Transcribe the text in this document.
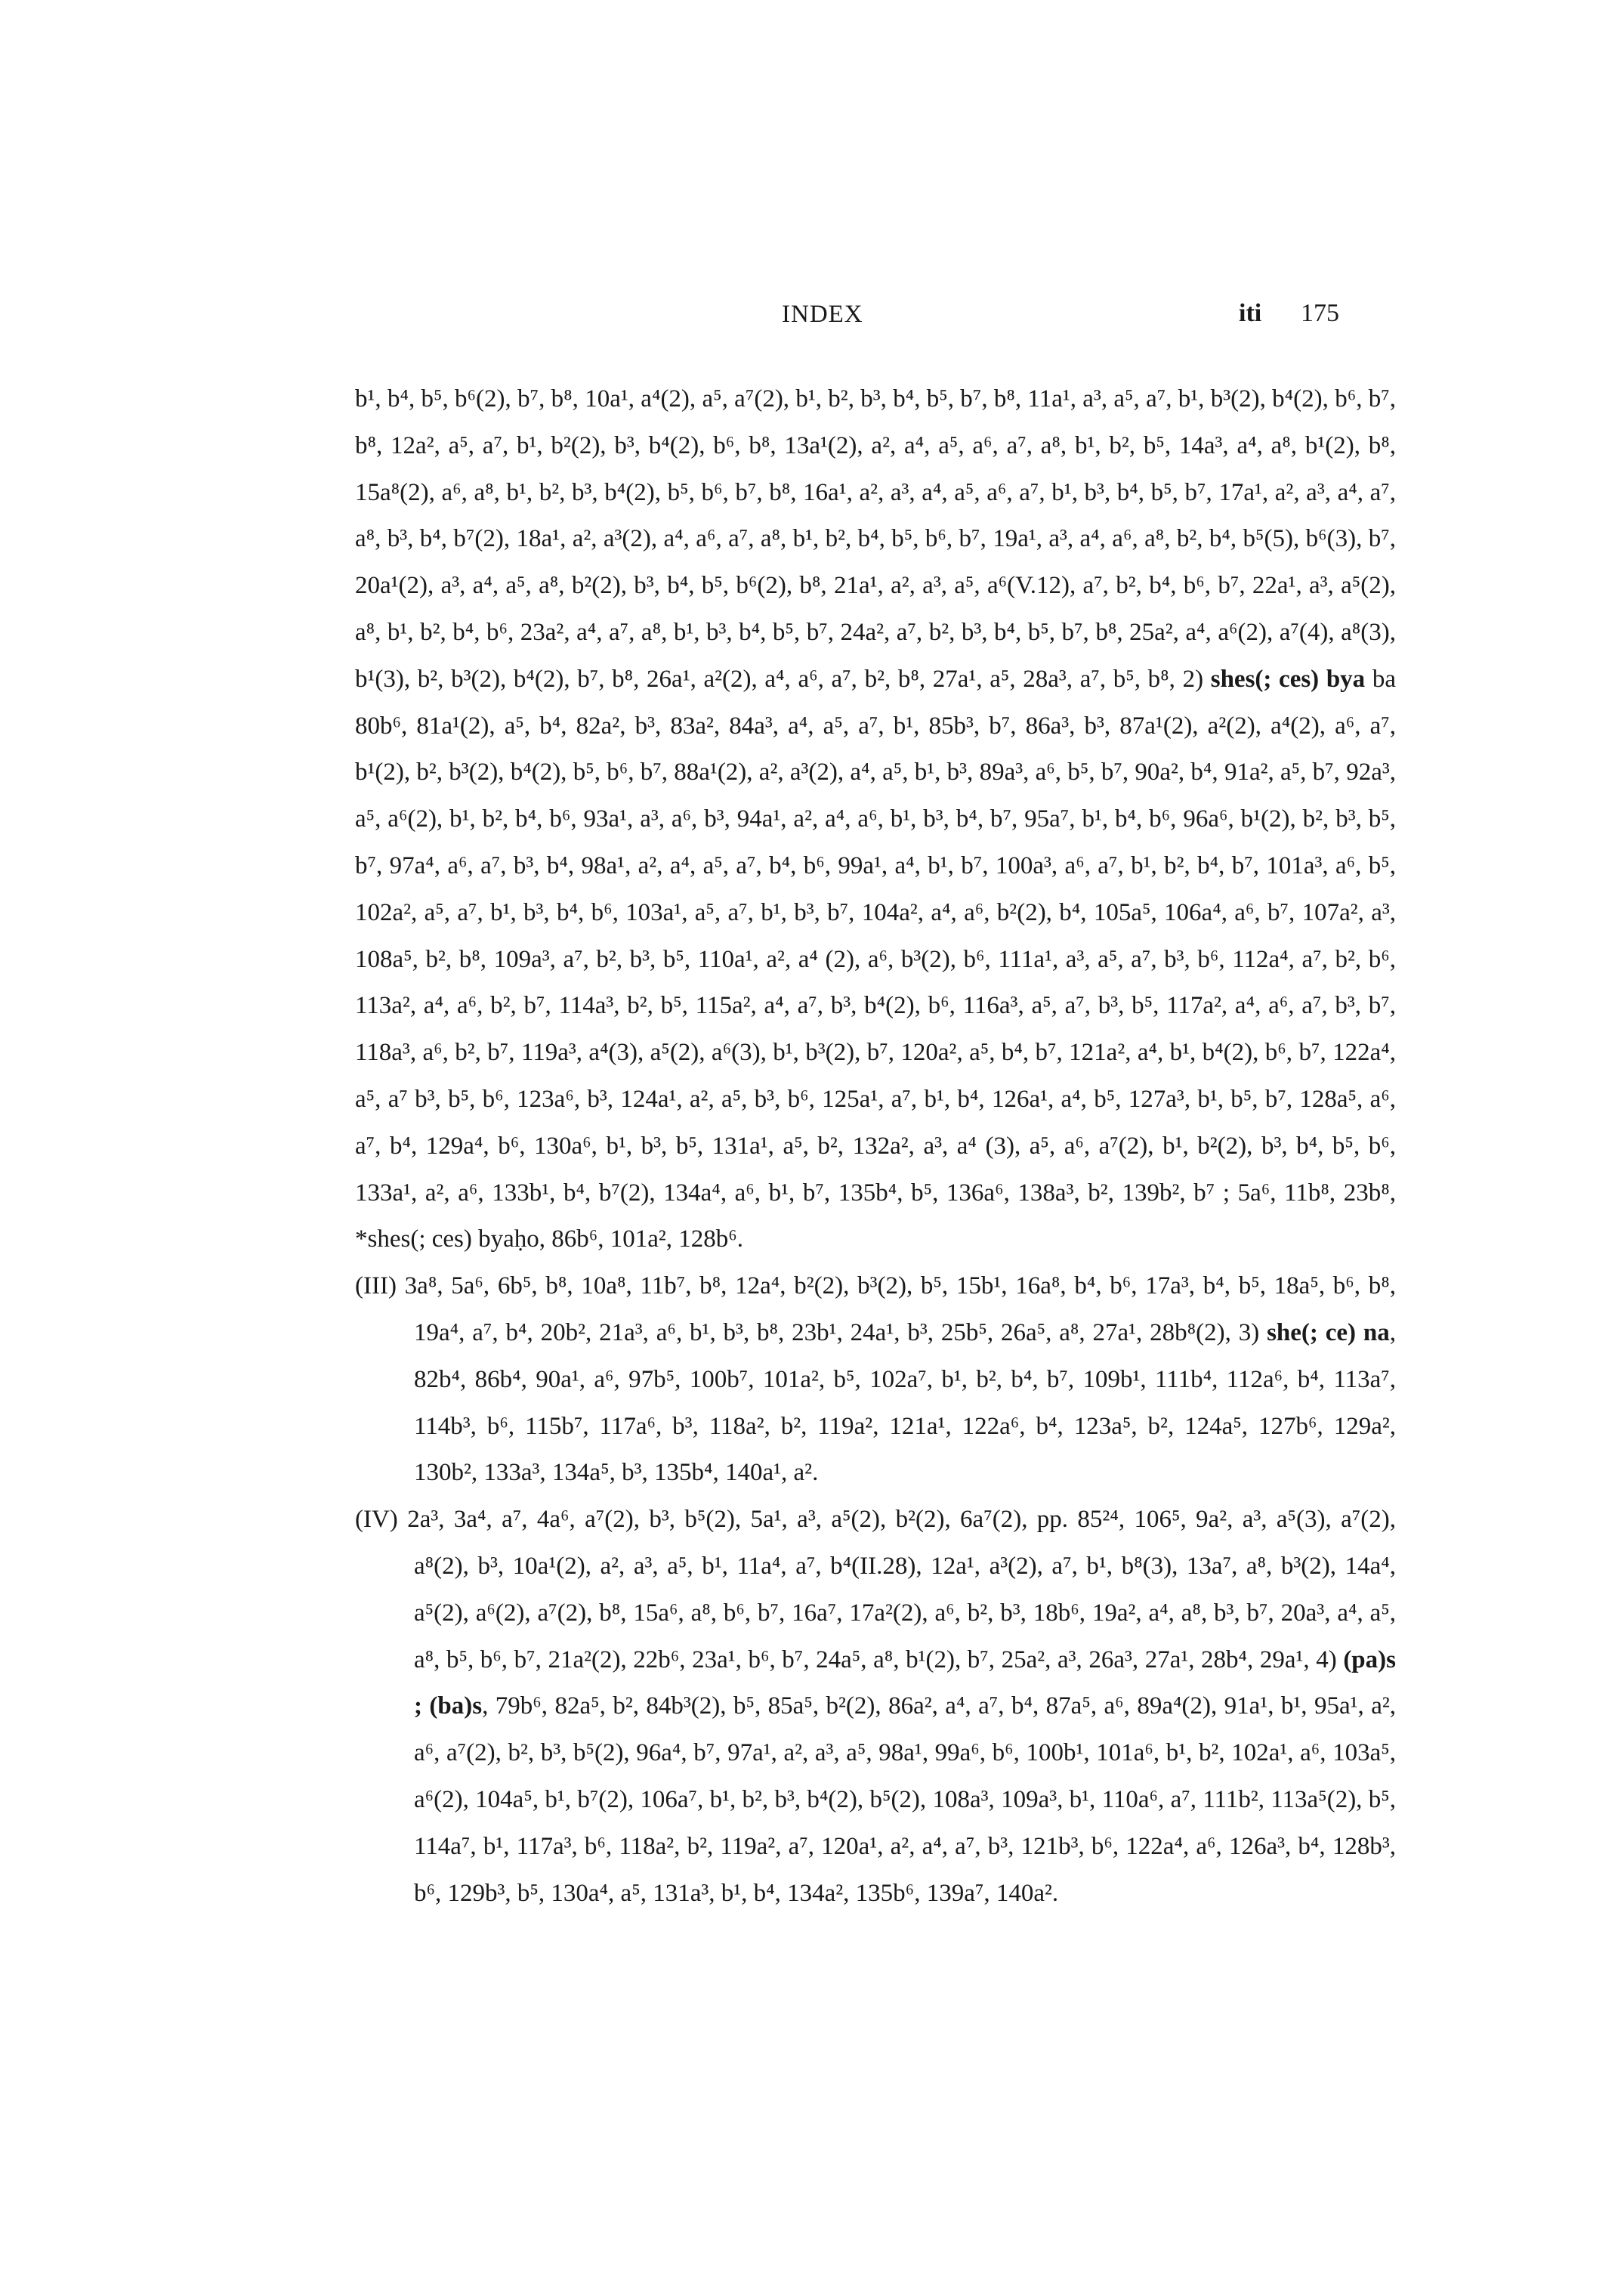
INDEX	iti 175

b¹, b⁴, b⁵, b⁶(2), b⁷, b⁸, 10a¹, a⁴(2), a⁵, a⁷(2), b¹, b², b³, b⁴, b⁵, b⁷, b⁸, 11a¹, a³, a⁵, a⁷, b¹, b³(2), b⁴(2), b⁶, b⁷, b⁸, 12a², a⁵, a⁷, b¹, b²(2), b³, b⁴(2), b⁶, b⁸, 13a¹(2), a², a⁴, a⁵, a⁶, a⁷, a⁸, b¹, b², b⁵, 14a³, a⁴, a⁸, b¹(2), b⁸, 15a⁸(2), a⁶, a⁸, b¹, b², b³, b⁴(2), b⁵, b⁶, b⁷, b⁸, 16a¹, a², a³, a⁴, a⁵, a⁶, a⁷, b¹, b³, b⁴, b⁵, b⁷, 17a¹, a², a³, a⁴, a⁷, a⁸, b³, b⁴, b⁷(2), 18a¹, a², a³(2), a⁴, a⁶, a⁷, a⁸, b¹, b², b⁴, b⁵, b⁶, b⁷, 19a¹, a³, a⁴, a⁶, a⁸, b², b⁴, b⁵(5), b⁶(3), b⁷, 20a¹(2), a³, a⁴, a⁵, a⁸, b²(2), b³, b⁴, b⁵, b⁶(2), b⁸, 21a¹, a², a³, a⁵, a⁶(V.12), a⁷, b², b⁴, b⁶, b⁷, 22a¹, a³, a⁵(2), a⁸, b¹, b², b⁴, b⁶, 23a², a⁴, a⁷, a⁸, b¹, b³, b⁴, b⁵, b⁷, 24a², a⁷, b², b³, b⁴, b⁵, b⁷, b⁸, 25a², a⁴, a⁶(2), a⁷(4), a⁸(3), b¹(3), b², b³(2), b⁴(2), b⁷, b⁸, 26a¹, a²(2), a⁴, a⁶, a⁷, b², b⁸, 27a¹, a⁵, 28a³, a⁷, b⁵, b⁸, 2) shes(; ces) bya ba 80b⁶, 81a¹(2), a⁵, b⁴, 82a², b³, 83a², 84a³, a⁴, a⁵, a⁷, b¹, 85b³, b⁷, 86a³, b³, 87a¹(2), a²(2), a⁴(2), a⁶, a⁷, b¹(2), b², b³(2), b⁴(2), b⁵, b⁶, b⁷, 88a¹(2), a², a³(2), a⁴, a⁵, b¹, b³, 89a³, a⁶, b⁵, b⁷, 90a², b⁴, 91a², a⁵, b⁷, 92a³, a⁵, a⁶(2), b¹, b², b⁴, b⁶, 93a¹, a³, a⁶, b³, 94a¹, a², a⁴, a⁶, b¹, b³, b⁴, b⁷, 95a⁷, b¹, b⁴, b⁶, 96a⁶, b¹(2), b², b³, b⁵, b⁷, 97a⁴, a⁶, a⁷, b³, b⁴, 98a¹, a², a⁴, a⁵, a⁷, b⁴, b⁶, 99a¹, a⁴, b¹, b⁷, 100a³, a⁶, a⁷, b¹, b², b⁴, b⁷, 101a³, a⁶, b⁵, 102a², a⁵, a⁷, b¹, b³, b⁴, b⁶, 103a¹, a⁵, a⁷, b¹, b³, b⁷, 104a², a⁴, a⁶, b²(2), b⁴, 105a⁵, 106a⁴, a⁶, b⁷, 107a², a³, 108a⁵, b², b⁸, 109a³, a⁷, b², b³, b⁵, 110a¹, a², a⁴ (2), a⁶, b³(2), b⁶, 111a¹, a³, a⁵, a⁷, b³, b⁶, 112a⁴, a⁷, b², b⁶, 113a², a⁴, a⁶, b², b⁷, 114a³, b², b⁵, 115a², a⁴, a⁷, b³, b⁴(2), b⁶, 116a³, a⁵, a⁷, b³, b⁵, 117a², a⁴, a⁶, a⁷, b³, b⁷, 118a³, a⁶, b², b⁷, 119a³, a⁴(3), a⁵(2), a⁶(3), b¹, b³(2), b⁷, 120a², a⁵, b⁴, b⁷, 121a², a⁴, b¹, b⁴(2), b⁶, b⁷, 122a⁴, a⁵, a⁷ b³, b⁵, b⁶, 123a⁶, b³, 124a¹, a², a⁵, b³, b⁶, 125a¹, a⁷, b¹, b⁴, 126a¹, a⁴, b⁵, 127a³, b¹, b⁵, b⁷, 128a⁵, a⁶, a⁷, b⁴, 129a⁴, b⁶, 130a⁶, b¹, b³, b⁵, 131a¹, a⁵, b², 132a², a³, a⁴ (3), a⁵, a⁶, a⁷(2), b¹, b²(2), b³, b⁴, b⁵, b⁶, 133a¹, a², a⁶, 133b¹, b⁴, b⁷(2), 134a⁴, a⁶, b¹, b⁷, 135b⁴, b⁵, 136a⁶, 138a³, b², 139b², b⁷ ; 5a⁶, 11b⁸, 23b⁸, *shes(; ces) byaḥo, 86b⁶, 101a², 128b⁶.

(III) 3a⁸, 5a⁶, 6b⁵, b⁸, 10a⁸, 11b⁷, b⁸, 12a⁴, b²(2), b³(2), b⁵, 15b¹, 16a⁸, b⁴, b⁶, 17a³, b⁴, b⁵, 18a⁵, b⁶, b⁸, 19a⁴, a⁷, b⁴, 20b², 21a³, a⁶, b¹, b³, b⁸, 23b¹, 24a¹, b³, 25b⁵, 26a⁵, a⁸, 27a¹, 28b⁸(2), 3) she(; ce) na, 82b⁴, 86b⁴, 90a¹, a⁶, 97b⁵, 100b⁷, 101a², b⁵, 102a⁷, b¹, b², b⁴, b⁷, 109b¹, 111b⁴, 112a⁶, b⁴, 113a⁷, 114b³, b⁶, 115b⁷, 117a⁶, b³, 118a², b², 119a², 121a¹, 122a⁶, b⁴, 123a⁵, b², 124a⁵, 127b⁶, 129a², 130b², 133a³, 134a⁵, b³, 135b⁴, 140a¹, a².

(IV) 2a³, 3a⁴, a⁷, 4a⁶, a⁷(2), b³, b⁵(2), 5a¹, a³, a⁵(2), b²(2), 6a⁷(2), pp. 85²⁴, 106⁵, 9a², a³, a⁵(3), a⁷(2), a⁸(2), b³, 10a¹(2), a², a³, a⁵, b¹, 11a⁴, a⁷, b⁴(II.28), 12a¹, a³(2), a⁷, b¹, b⁸(3), 13a⁷, a⁸, b³(2), 14a⁴, a⁵(2), a⁶(2), a⁷(2), b⁸, 15a⁶, a⁸, b⁶, b⁷, 16a⁷, 17a²(2), a⁶, b², b³, 18b⁶, 19a², a⁴, a⁸, b³, b⁷, 20a³, a⁴, a⁵, a⁸, b⁵, b⁶, b⁷, 21a²(2), 22b⁶, 23a¹, b⁶, b⁷, 24a⁵, a⁸, b¹(2), b⁷, 25a², a³, 26a³, 27a¹, 28b⁴, 29a¹, 4) (pa)s ; (ba)s, 79b⁶, 82a⁵, b², 84b³(2), b⁵, 85a⁵, b²(2), 86a², a⁴, a⁷, b⁴, 87a⁵, a⁶, 89a⁴(2), 91a¹, b¹, 95a¹, a², a⁶, a⁷(2), b², b³, b⁵(2), 96a⁴, b⁷, 97a¹, a², a³, a⁵, 98a¹, 99a⁶, b⁶, 100b¹, 101a⁶, b¹, b², 102a¹, a⁶, 103a⁵, a⁶(2), 104a⁵, b¹, b⁷(2), 106a⁷, b¹, b², b³, b⁴(2), b⁵(2), 108a³, 109a³, b¹, 110a⁶, a⁷, 111b², 113a⁵(2), b⁵, 114a⁷, b¹, 117a³, b⁶, 118a², b², 119a², a⁷, 120a¹, a², a⁴, a⁷, b³, 121b³, b⁶, 122a⁴, a⁶, 126a³, b⁴, 128b³, b⁶, 129b³, b⁵, 130a⁴, a⁵, 131a³, b¹, b⁴, 134a², 135b⁶, 139a⁷, 140a².
